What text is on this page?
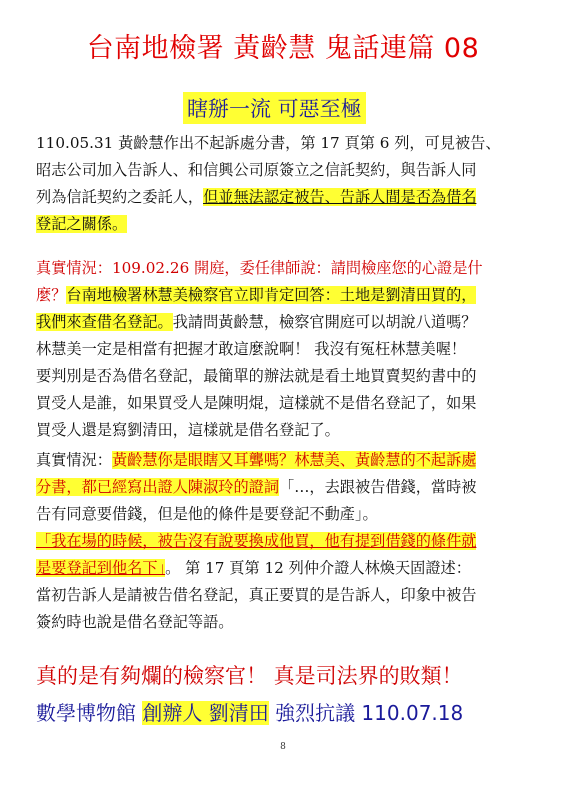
台南地檢署 黃齡慧 鬼話連篇 08
瞎掰一流 可惡至極
110.05.31 黃齡慧作出不起訴處分書，第 17 頁第 6 列，可見被告、
昭志公司加入告訴人、和信興公司原簽立之信託契約，與告訴人同
列為信託契約之委託人，但並無法認定被告、告訴人間是否為借名
登記之關係。
真實情況：109.02.26 開庭，委任律師說：請問檢座您的心證是什
麼？台南地檢署林慧美檢察官立即肯定回答：土地是劉清田買的，
我們來查借名登記。我請問黃齡慧，檢察官開庭可以胡說八道嗎？
林慧美一定是相當有把握才敢這麼說啊！ 我沒有冤枉林慧美喔！
要判別是否為借名登記，最簡單的辦法就是看土地買賣契約書中的
買受人是誰，如果買受人是陳明焜，這樣就不是借名登記了，如果
買受人還是寫劉清田，這樣就是借名登記了。
真實情況：黃齡慧你是眼瞎又耳聾嗎？林慧美、黃齡慧的不起訴處
分書，都已經寫出證人陳淑玲的證詞「…，去跟被告借錢，當時被
告有同意要借錢，但是他的條件是要登記不動產」。
「我在場的時候，被告沒有說要換成他買，他有提到借錢的條件就
是要登記到他名下」。 第 17 頁第 12 列仲介證人林煥天固證述：
當初告訴人是請被告借名登記，真正要買的是告訴人，印象中被告
簽約時也說是借名登記等語。
真的是有夠爛的檢察官！ 真是司法界的敗類！
數學博物館 創辦人 劉清田 強烈抗議 110.07.18
8
